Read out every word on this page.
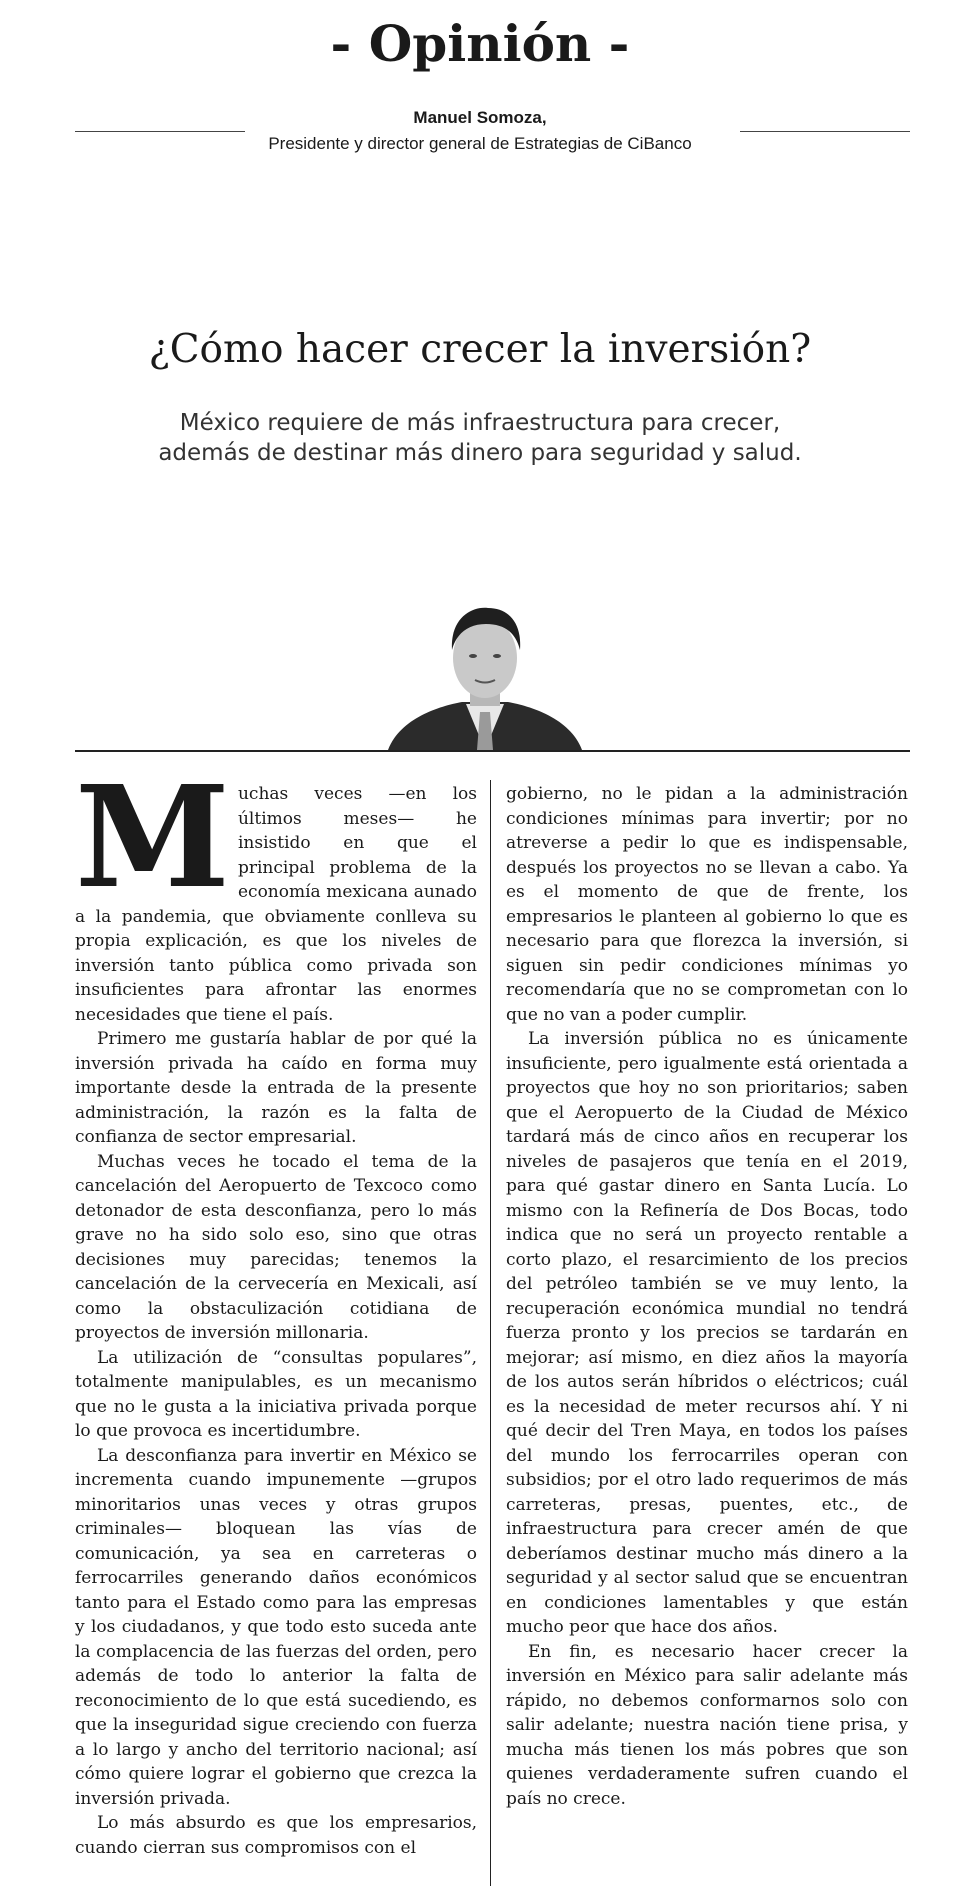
- Opinión -
Manuel Somoza,
Presidente y director general de Estrategias de CiBanco
¿Cómo hacer crecer la inversión?
México requiere de más infraestructura para crecer,
además de destinar más dinero para seguridad y salud.
M uchas veces —en los últimos meses— he insistido en que el principal problema de la economía mexicana aunado a la pandemia, que obviamente conlleva su propia explicación, es que los niveles de inversión tanto pública como privada son insuficientes para afrontar las enormes necesidades que tiene el país.

Primero me gustaría hablar de por qué la inversión privada ha caído en forma muy importante desde la entrada de la presente administración, la razón es la falta de confianza de sector empresarial.

Muchas veces he tocado el tema de la cancelación del Aeropuerto de Texcoco como detonador de esta desconfianza, pero lo más grave no ha sido solo eso, sino que otras decisiones muy parecidas; tenemos la cancelación de la cervecería en Mexicali, así como la obstaculización cotidiana de proyectos de inversión millonaria.

La utilización de “consultas populares”, totalmente manipulables, es un mecanismo que no le gusta a la iniciativa privada porque lo que provoca es incertidumbre.

La desconfianza para invertir en México se incrementa cuando impunemente —grupos minoritarios unas veces y otras grupos criminales— bloquean las vías de comunicación, ya sea en carreteras o ferrocarriles generando daños económicos tanto para el Estado como para las empresas y los ciudadanos, y que todo esto suceda ante la complacencia de las fuerzas del orden, pero además de todo lo anterior la falta de reconocimiento de lo que está sucediendo, es que la inseguridad sigue creciendo con fuerza a lo largo y ancho del territorio nacional; así cómo quiere lograr el gobierno que crezca la inversión privada.

Lo más absurdo es que los empresarios, cuando cierran sus compromisos con el

gobierno, no le pidan a la administración condiciones mínimas para invertir; por no atreverse a pedir lo que es indispensable, después los proyectos no se llevan a cabo. Ya es el momento de que de frente, los empresarios le planteen al gobierno lo que es necesario para que florezca la inversión, si siguen sin pedir condiciones mínimas yo recomendaría que no se comprometan con lo que no van a poder cumplir.

La inversión pública no es únicamente insuficiente, pero igualmente está orientada a proyectos que hoy no son prioritarios; saben que el Aeropuerto de la Ciudad de México tardará más de cinco años en recuperar los niveles de pasajeros que tenía en el 2019, para qué gastar dinero en Santa Lucía. Lo mismo con la Refinería de Dos Bocas, todo indica que no será un proyecto rentable a corto plazo, el resarcimiento de los precios del petróleo también se ve muy lento, la recuperación económica mundial no tendrá fuerza pronto y los precios se tardarán en mejorar; así mismo, en diez años la mayoría de los autos serán híbridos o eléctricos; cuál es la necesidad de meter recursos ahí. Y ni qué decir del Tren Maya, en todos los países del mundo los ferrocarriles operan con subsidios; por el otro lado requerimos de más carreteras, presas, puentes, etc., de infraestructura para crecer amén de que deberíamos destinar mucho más dinero a la seguridad y al sector salud que se encuentran en condiciones lamentables y que están mucho peor que hace dos años.

En fin, es necesario hacer crecer la inversión en México para salir adelante más rápido, no debemos conformarnos solo con salir adelante; nuestra nación tiene prisa, y mucha más tienen los más pobres que son quienes verdaderamente sufren cuando el país no crece.
